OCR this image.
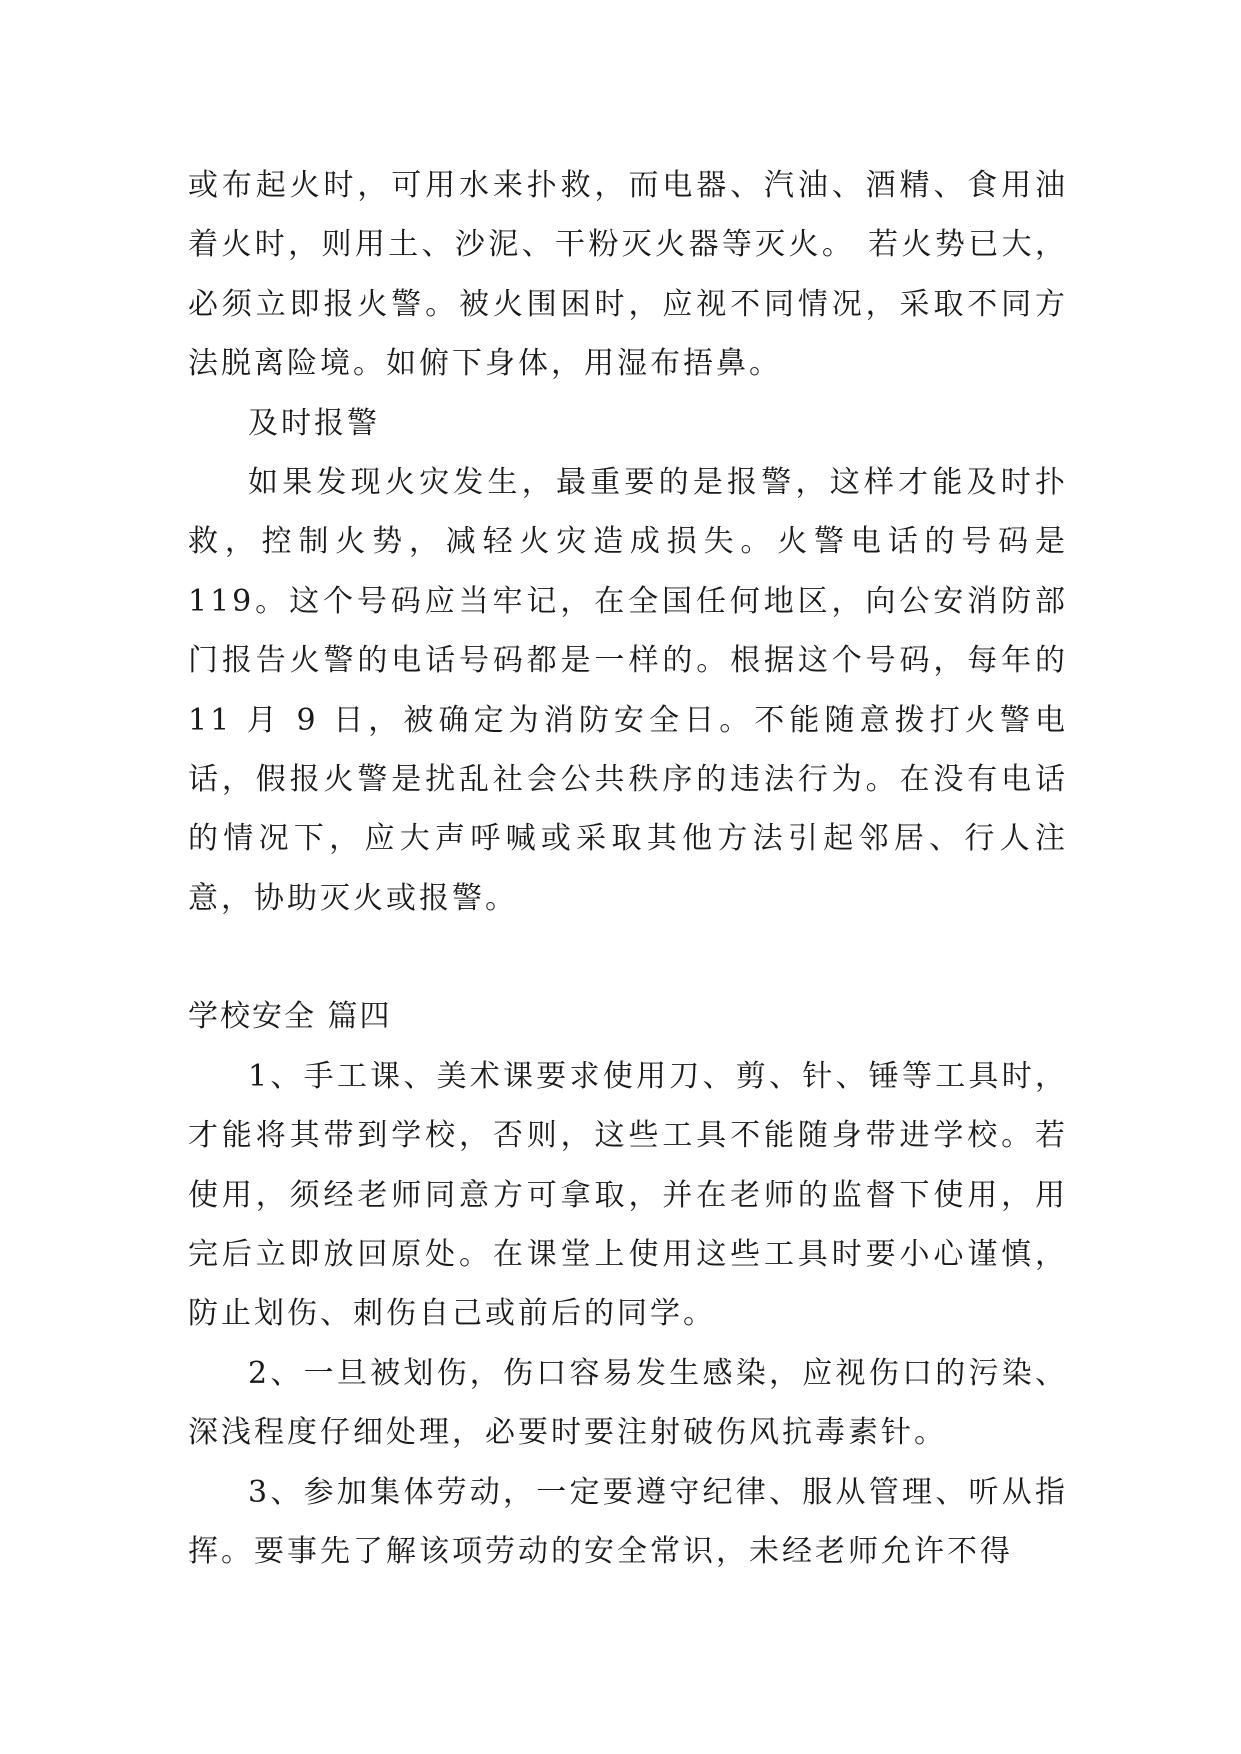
或布起火时，可用水来扑救，而电器、汽油、酒精、食用油着火时，则用土、沙泥、干粉灭火器等灭火。 若火势已大，必须立即报火警。被火围困时，应视不同情况，采取不同方法脱离险境。如俯下身体，用湿布捂鼻。

及时报警

如果发现火灾发生，最重要的是报警，这样才能及时扑救，控制火势，减轻火灾造成损失。火警电话的号码是119。这个号码应当牢记，在全国任何地区，向公安消防部门报告火警的电话号码都是一样的。根据这个号码，每年的11 月 9 日，被确定为消防安全日。不能随意拨打火警电话，假报火警是扰乱社会公共秩序的违法行为。在没有电话的情况下，应大声呼喊或采取其他方法引起邻居、行人注意，协助灭火或报警。

学校安全 篇四

1、手工课、美术课要求使用刀、剪、针、锤等工具时，才能将其带到学校，否则，这些工具不能随身带进学校。若使用，须经老师同意方可拿取，并在老师的监督下使用，用完后立即放回原处。在课堂上使用这些工具时要小心谨慎，防止划伤、刺伤自己或前后的同学。

2、一旦被划伤，伤口容易发生感染，应视伤口的污染、深浅程度仔细处理，必要时要注射破伤风抗毒素针。

3、参加集体劳动，一定要遵守纪律、服从管理、听从指挥。要事先了解该项劳动的安全常识，未经老师允许不得
